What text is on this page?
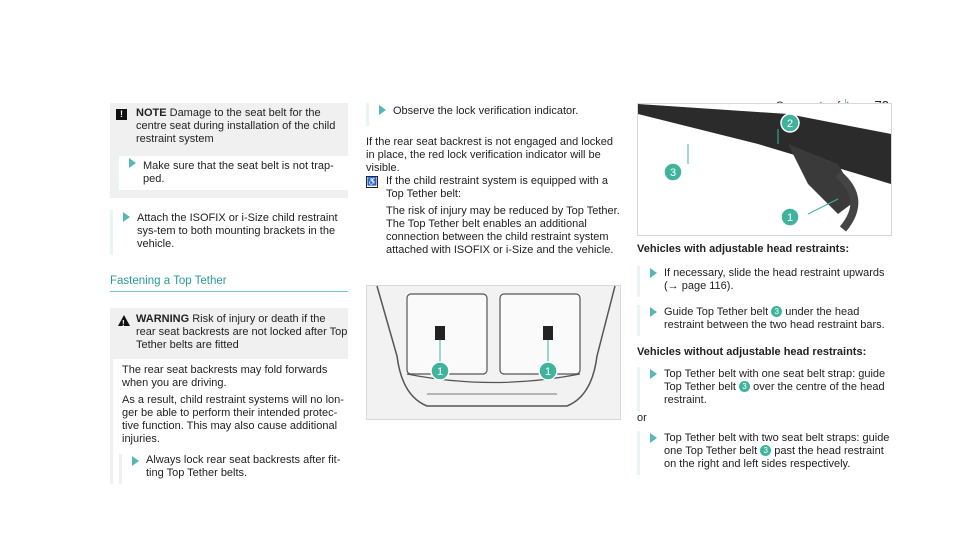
!	NOTE Damage to the seat belt for the centre seat during installation of the child restraint system
Make sure that the seat belt is not trap-ped.
Attach the ISOFIX or i-Size child restraint sys-tem to both mounting brackets in the vehicle.
Fastening a Top Tether
! WARNING Risk of injury or death if the rear seat backrests are not locked after Top Tether belts are fitted
The rear seat backrests may fold forwards when you are driving.
As a result, child restraint systems will no lon-ger be able to perform their intended protec-tive function. This may also cause additional injuries.
Always lock rear seat backrests after fit-ting Top Tether belts.
Observe the lock verification indicator.
If the rear seat backrest is not engaged and locked in place, the red lock verification indicator will be visible.
♿ If the child restraint system is equipped with a Top Tether belt:
The risk of injury may be reduced by Top Tether. The Top Tether belt enables an additional connection between the child restraint system attached with ISOFIX or i-Size and the vehicle.
1	1
2
3
1
Vehicles with adjustable head restraints:
If necessary, slide the head restraint upwards (→ page 116).
Guide Top Tether belt 3 under the head restraint between the two head restraint bars.
Vehicles without adjustable head restraints:
Top Tether belt with one seat belt strap: guide Top Tether belt 3 over the centre of the head restraint.
or
Top Tether belt with two seat belt straps: guide one Top Tether belt 3 past the head restraint on the right and left sides respectively.
